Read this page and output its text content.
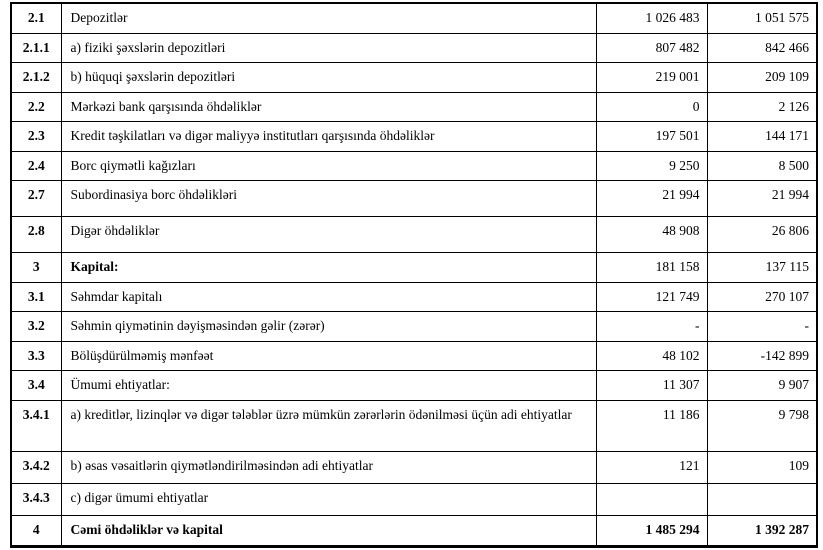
2.1	Depozitlər	1 026 483	1 051 575
2.1.1	a) fiziki şəxslərin depozitləri	807 482	842 466
2.1.2	b) hüquqi şəxslərin depozitləri	219 001	209 109
2.2	Mərkəzi bank qarşısında öhdəliklər	0	2 126
2.3	Kredit təşkilatları və digər maliyyə institutları qarşısında öhdəliklər	197 501	144 171
2.4	Borc qiymətli kağızları	9 250	8 500
2.7	Subordinasiya borc öhdəlikləri	21 994	21 994
2.8	Digər öhdəliklər	48 908	26 806
3	Kapital:	181 158	137 115
3.1	Səhmdar kapitalı	121 749	270 107
3.2	Səhmin qiymətinin dəyişməsindən gəlir (zərər)	-	-
3.3	Bölüşdürülməmiş mənfəət	48 102	-142 899
3.4	Ümumi ehtiyatlar:	11 307	9 907
3.4.1	a) kreditlər, lizinqlər və digər tələblər üzrə mümkün zərərlərin ödənilməsi üçün adi ehtiyatlar	11 186	9 798
3.4.2	b) əsas vəsaitlərin qiymətləndirilməsindən adi ehtiyatlar	121	109
3.4.3	c) digər ümumi ehtiyatlar		
4	Cəmi öhdəliklər və kapital	1 485 294	1 392 287
